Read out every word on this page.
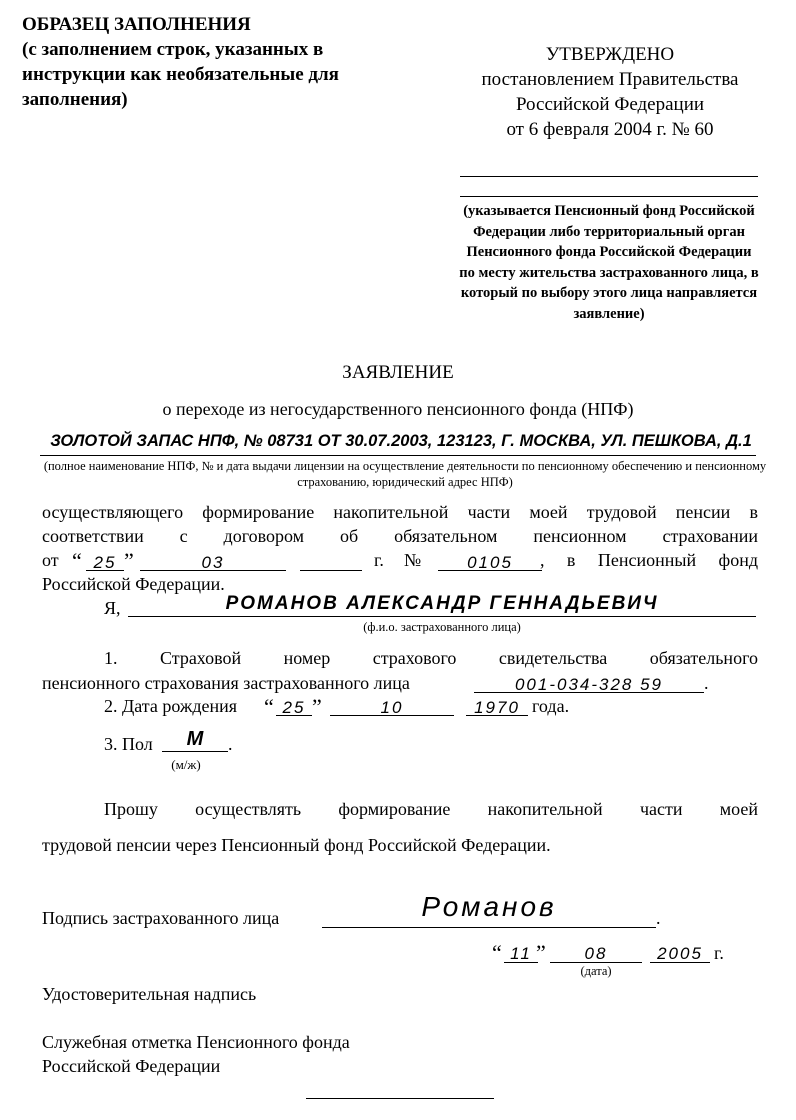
ОБРАЗЕЦ ЗАПОЛНЕНИЯ
(с заполнением строк, указанных в
инструкции как необязательные для
заполнения)
УТВЕРЖДЕНО
постановлением Правительства
Российской Федерации
от 6 февраля 2004 г. № 60
(указывается Пенсионный фонд Российской Федерации либо территориальный орган Пенсионного фонда Российской Федерации по месту жительства застрахованного лица, в который по выбору этого лица направляется заявление)
ЗАЯВЛЕНИЕ
о переходе из негосударственного пенсионного фонда (НПФ)
ЗОЛОТОЙ ЗАПАС НПФ, № 08731 ОТ 30.07.2003, 123123, Г. МОСКВА, УЛ. ПЕШКОВА, Д.1
(полное наименование НПФ, № и дата выдачи лицензии на осуществление деятельности по пенсионному обеспечению и пенсионному страхованию, юридический адрес НПФ)
осуществляющего формирование накопительной части моей трудовой пенсии в
соответствии с договором об обязательном пенсионном страховании
от “ 25 ”	03	г. №	0105	, в Пенсионный фонд
Российской Федерации.
Я,	РОМАНОВ АЛЕКСАНДР ГЕННАДЬЕВИЧ
(ф.и.о. застрахованного лица)
1. Страховой номер страхового свидетельства обязательного
пенсионного страхования застрахованного лица	001-034-328 59	.
2. Дата рождения “ 25 ”	10	1970 года.
3. Пол	М	.
(м/ж)
Прошу осуществлять формирование накопительной части моей
трудовой пенсии через Пенсионный фонд Российской Федерации.
Подпись застрахованного лица	Романов	.
“ 11 ”	08	2005 г.
(дата)
Удостоверительная надпись
Служебная отметка Пенсионного фонда
Российской Федерации
